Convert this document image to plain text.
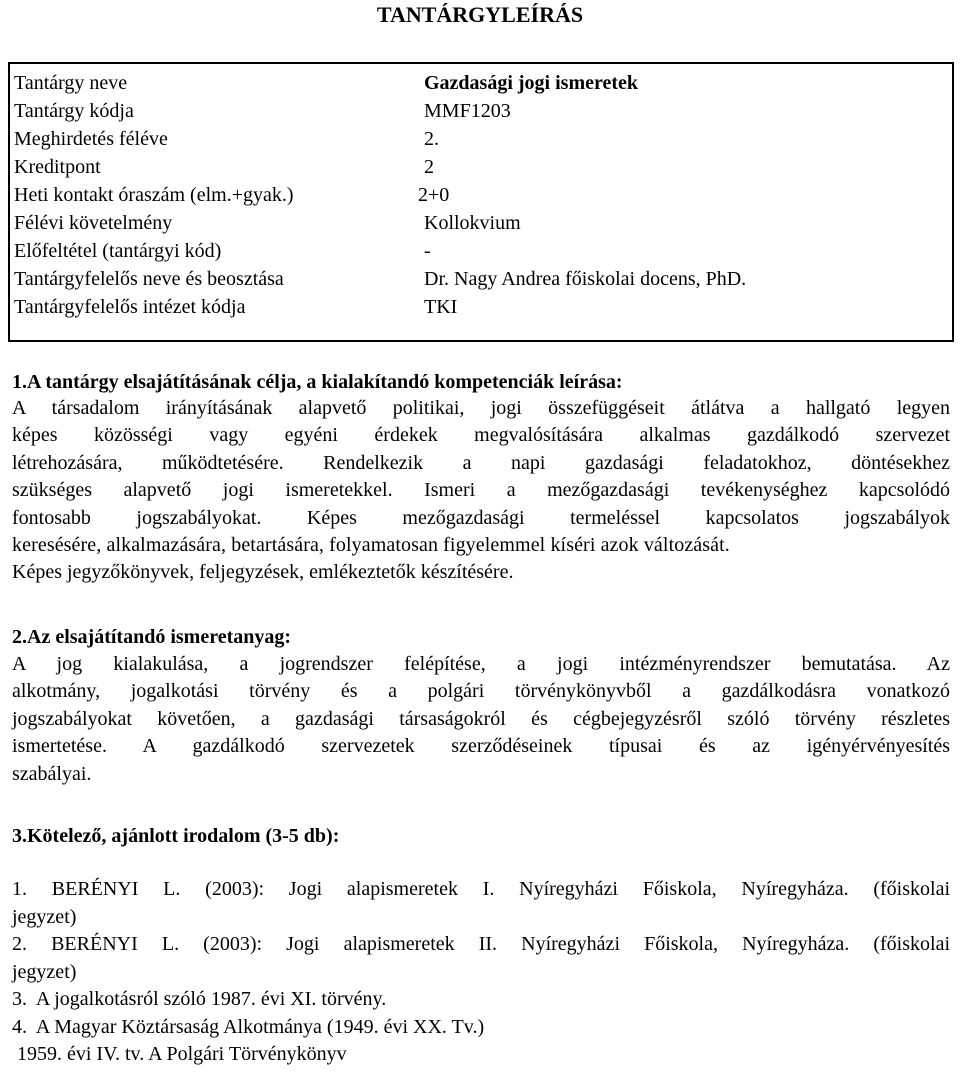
TANTÁRGYLEÍRÁS
Tantárgy neve	Gazdasági jogi ismeretek
Tantárgy kódja	MMF1203
Meghirdetés féléve	2.
Kreditpont	2
Heti kontakt óraszám (elm.+gyak.)	2+0
Félévi követelmény	Kollokvium
Előfeltétel (tantárgyi kód)	-
Tantárgyfelelős neve és beosztása	Dr. Nagy Andrea főiskolai docens, PhD.
Tantárgyfelelős intézet kódja	TKI
1.A tantárgy elsajátításának célja, a kialakítandó kompetenciák leírása:
A társadalom irányításának alapvető politikai, jogi összefüggéseit átlátva a hallgató legyen
képes közösségi vagy egyéni érdekek megvalósítására alkalmas gazdálkodó szervezet
létrehozására, működtetésére. Rendelkezik a napi gazdasági feladatokhoz, döntésekhez
szükséges alapvető jogi ismeretekkel. Ismeri a mezőgazdasági tevékenységhez kapcsolódó
fontosabb jogszabályokat. Képes mezőgazdasági termeléssel kapcsolatos jogszabályok
keresésére, alkalmazására, betartására, folyamatosan figyelemmel kíséri azok változását.
Képes jegyzőkönyvek, feljegyzések, emlékeztetők készítésére.
2.Az elsajátítandó ismeretanyag:
A jog kialakulása, a jogrendszer felépítése, a jogi intézményrendszer bemutatása. Az
alkotmány, jogalkotási törvény és a polgári törvénykönyvből a gazdálkodásra vonatkozó
jogszabályokat követően, a gazdasági társaságokról és cégbejegyzésről szóló törvény részletes
ismertetése. A gazdálkodó szervezetek szerződéseinek típusai és az igényérvényesítés
szabályai.
3.Kötelező, ajánlott irodalom (3-5 db):
1. BERÉNYI L. (2003): Jogi alapismeretek I. Nyíregyházi Főiskola, Nyíregyháza. (főiskolai
jegyzet)
2. BERÉNYI L. (2003): Jogi alapismeretek II. Nyíregyházi Főiskola, Nyíregyháza. (főiskolai
jegyzet)
3.  A jogalkotásról szóló 1987. évi XI. törvény.
4.  A Magyar Köztársaság Alkotmánya (1949. évi XX. Tv.)
1959. évi IV. tv. A Polgári Törvénykönyv
